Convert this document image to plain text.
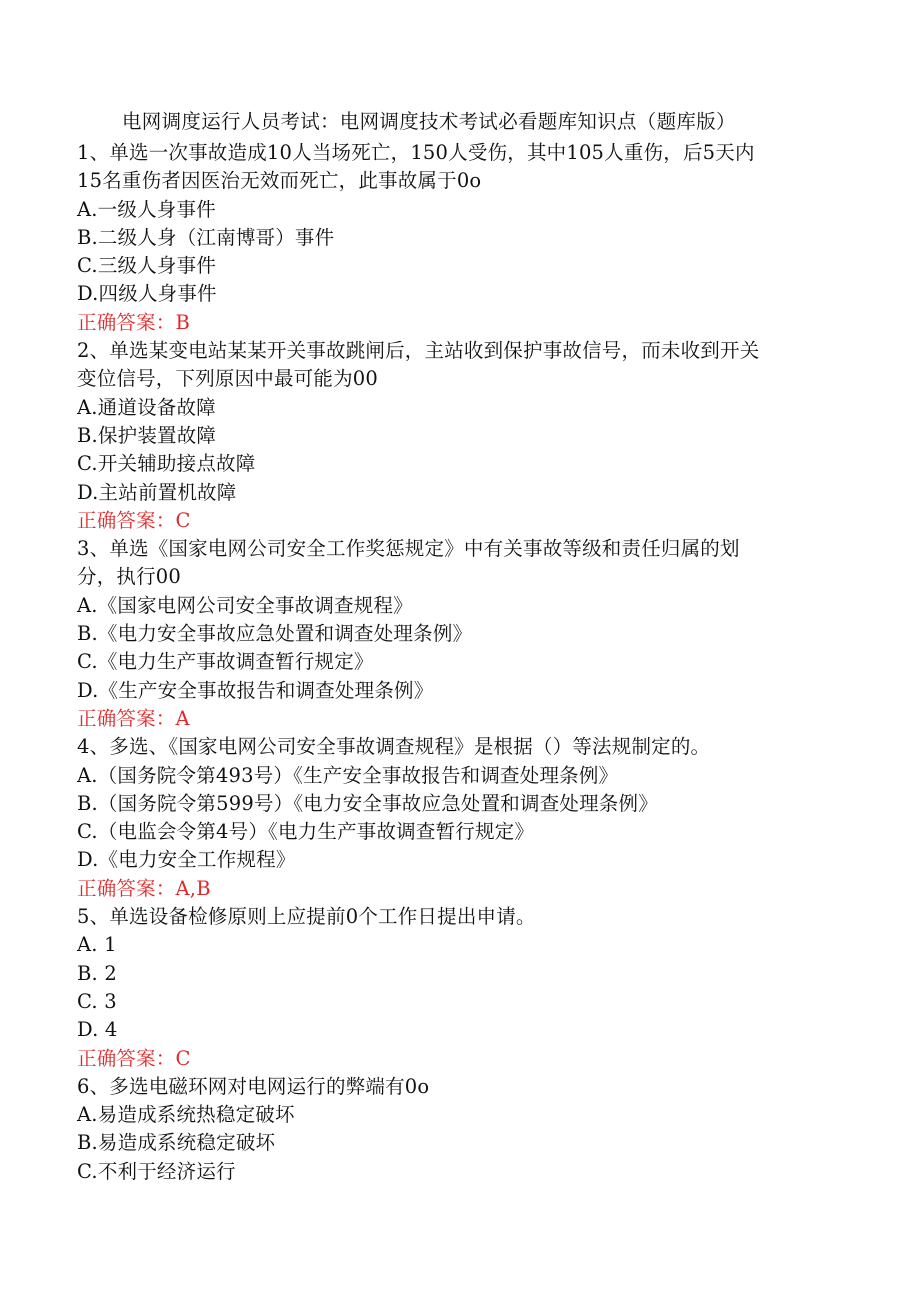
电网调度运行人员考试：电网调度技术考试必看题库知识点（题库版）
1、单选一次事故造成10人当场死亡，150人受伤，其中105人重伤，后5天内
15名重伤者因医治无效而死亡，此事故属于0o
A.一级人身事件
B.二级人身（江南博哥）事件
C.三级人身事件
D.四级人身事件
正确答案：B
2、单选某变电站某某开关事故跳闸后，主站收到保护事故信号，而未收到开关
变位信号，下列原因中最可能为00
A.通道设备故障
B.保护装置故障
C.开关辅助接点故障
D.主站前置机故障
正确答案：C
3、单选《国家电网公司安全工作奖惩规定》中有关事故等级和责任归属的划
分，执行00
A.《国家电网公司安全事故调查规程》
B.《电力安全事故应急处置和调查处理条例》
C.《电力生产事故调查暂行规定》
D.《生产安全事故报告和调查处理条例》
正确答案：A
4、多选、《国家电网公司安全事故调查规程》是根据（）等法规制定的。
A.（国务院令第493号）《生产安全事故报告和调查处理条例》
B.（国务院令第599号）《电力安全事故应急处置和调查处理条例》
C.（电监会令第4号）《电力生产事故调查暂行规定》
D.《电力安全工作规程》
正确答案：A,B
5、单选设备检修原则上应提前0个工作日提出申请。
A. 1
B. 2
C. 3
D. 4
正确答案：C
6、多选电磁环网对电网运行的弊端有0o
A.易造成系统热稳定破坏
B.易造成系统稳定破坏
C.不利于经济运行
